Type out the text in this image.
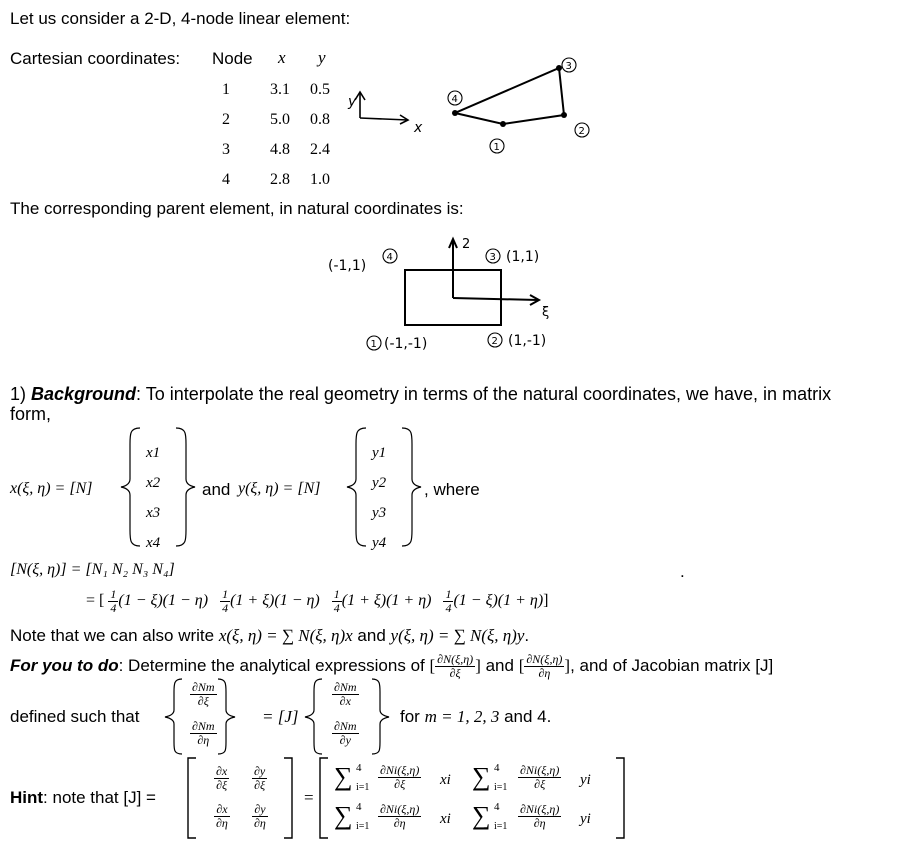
Let us consider a 2-D, 4-node linear element:
Cartesian coordinates: Node x y
1	3.1	0.5
2	5.0	0.8
3	4.8	2.4
4	2.8	1.0
y
x
1
2
3
4
The corresponding parent element, in natural coordinates is:
2
ξ
(-1,1)
4	3 (1,1)
1 (-1,-1)	2 (1,-1)
1) Background: To interpolate the real geometry in terms of the natural coordinates, we have, in matrix
form,
x(ξ, η) = [N]
x1
x2
x3
x4
and y(ξ, η) = [N]
y1
y2
y3
y4
, where
[N(ξ, η)] = [N₁ N₂ N₃ N₄]	.
= [ $\frac{1}{4} (1 - \xi)(1 - \eta) \frac{1}{4} (1 + \xi)(1 - \eta) \frac{1}{4} (1 + \xi)(1 + \eta) \frac{1}{4} (1 - \xi)(1 + \eta)$]
Note that we can also write x(ξ, η) = ∑ N(ξ, η)x and y(ξ, η) = ∑ N(ξ, η)y.
For you to do: Determine the analytical expressions of [ $\frac{\partial N(\xi,\eta)}{\partial\xi}$ ] and [ $\frac{\partial N(\xi,\eta)}{\partial\eta}$ ], and of Jacobian matrix [J]
defined such that
$\frac{\partial Nm}{\partial\xi}$
$\frac{\partial Nm}{\partial\eta}$
= [J]
$\frac{\partial Nm}{\partial x}$
$\frac{\partial Nm}{\partial y}$
for m = 1, 2, 3 and 4.
Hint: note that [J] =
$\frac{\partial x}{\partial\xi} \frac{\partial y}{\partial\xi}$
$\frac{\partial x}{\partial\eta} \frac{\partial y}{\partial\eta}$
=
∑ 4
$i=1 \frac{\partial Ni(\xi,\eta)}{\partial\xi}$ xi ∑ 4
$i=1 \frac{\partial Ni(\xi,\eta)}{\partial\xi}$ yi
∑ 4
$i=1 \frac{\partial Ni(\xi,\eta)}{\partial\eta}$ xi ∑ 4
$i=1 \frac{\partial Ni(\xi,\eta)}{\partial\eta}$ yi
